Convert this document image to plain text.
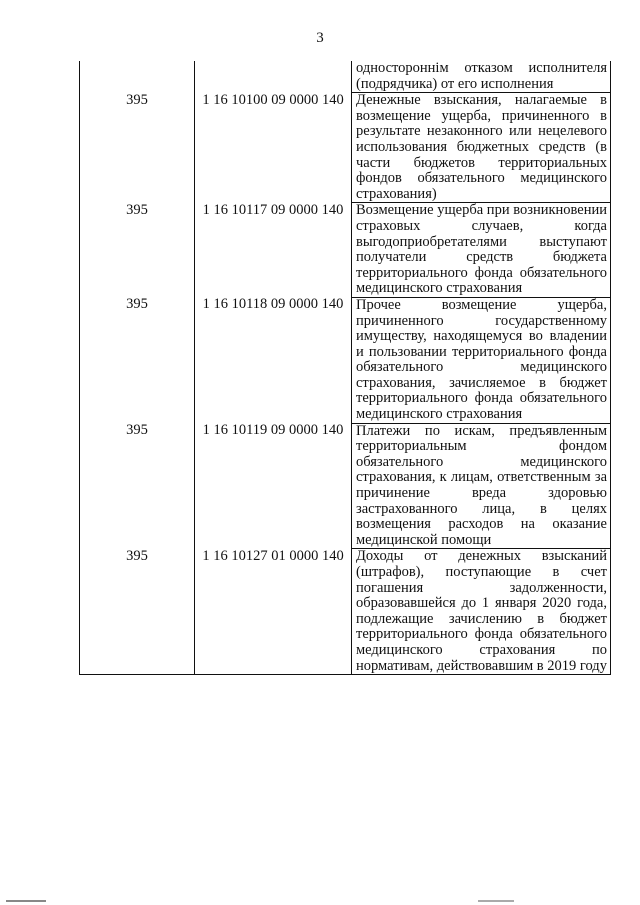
3

		одностороннім отказом исполнителя (подрядчика) от его исполнения

395	1 16 10100 09 0000 140	Денежные взыскания, налагаемые в возмещение ущерба, причиненного в результате незаконного или нецелевого использования бюджетных средств (в части бюджетов территориальных фондов обязательного медицинского страхования)

395	1 16 10117 09 0000 140	Возмещение ущерба при возникновении страховых случаев, когда выгодоприобретателями выступают получатели средств бюджета территориального фонда обязательного медицинского страхования

395	1 16 10118 09 0000 140	Прочее возмещение ущерба, причиненного государственному имуществу, находящемуся во владении и пользовании территориального фонда обязательного медицинского страхования, зачисляемое в бюджет территориального фонда обязательного медицинского страхования

395	1 16 10119 09 0000 140	Платежи по искам, предъявленным территориальным фондом обязательного медицинского страхования, к лицам, ответственным за причинение вреда здоровью застрахованного лица, в целях возмещения расходов на оказание медицинской помощи

395	1 16 10127 01 0000 140	Доходы от денежных взысканий (штрафов), поступающие в счет погашения задолженности, образовавшейся до 1 января 2020 года, подлежащие зачислению в бюджет территориального фонда обязательного медицинского страхования по нормативам, действовавшим в 2019 году
